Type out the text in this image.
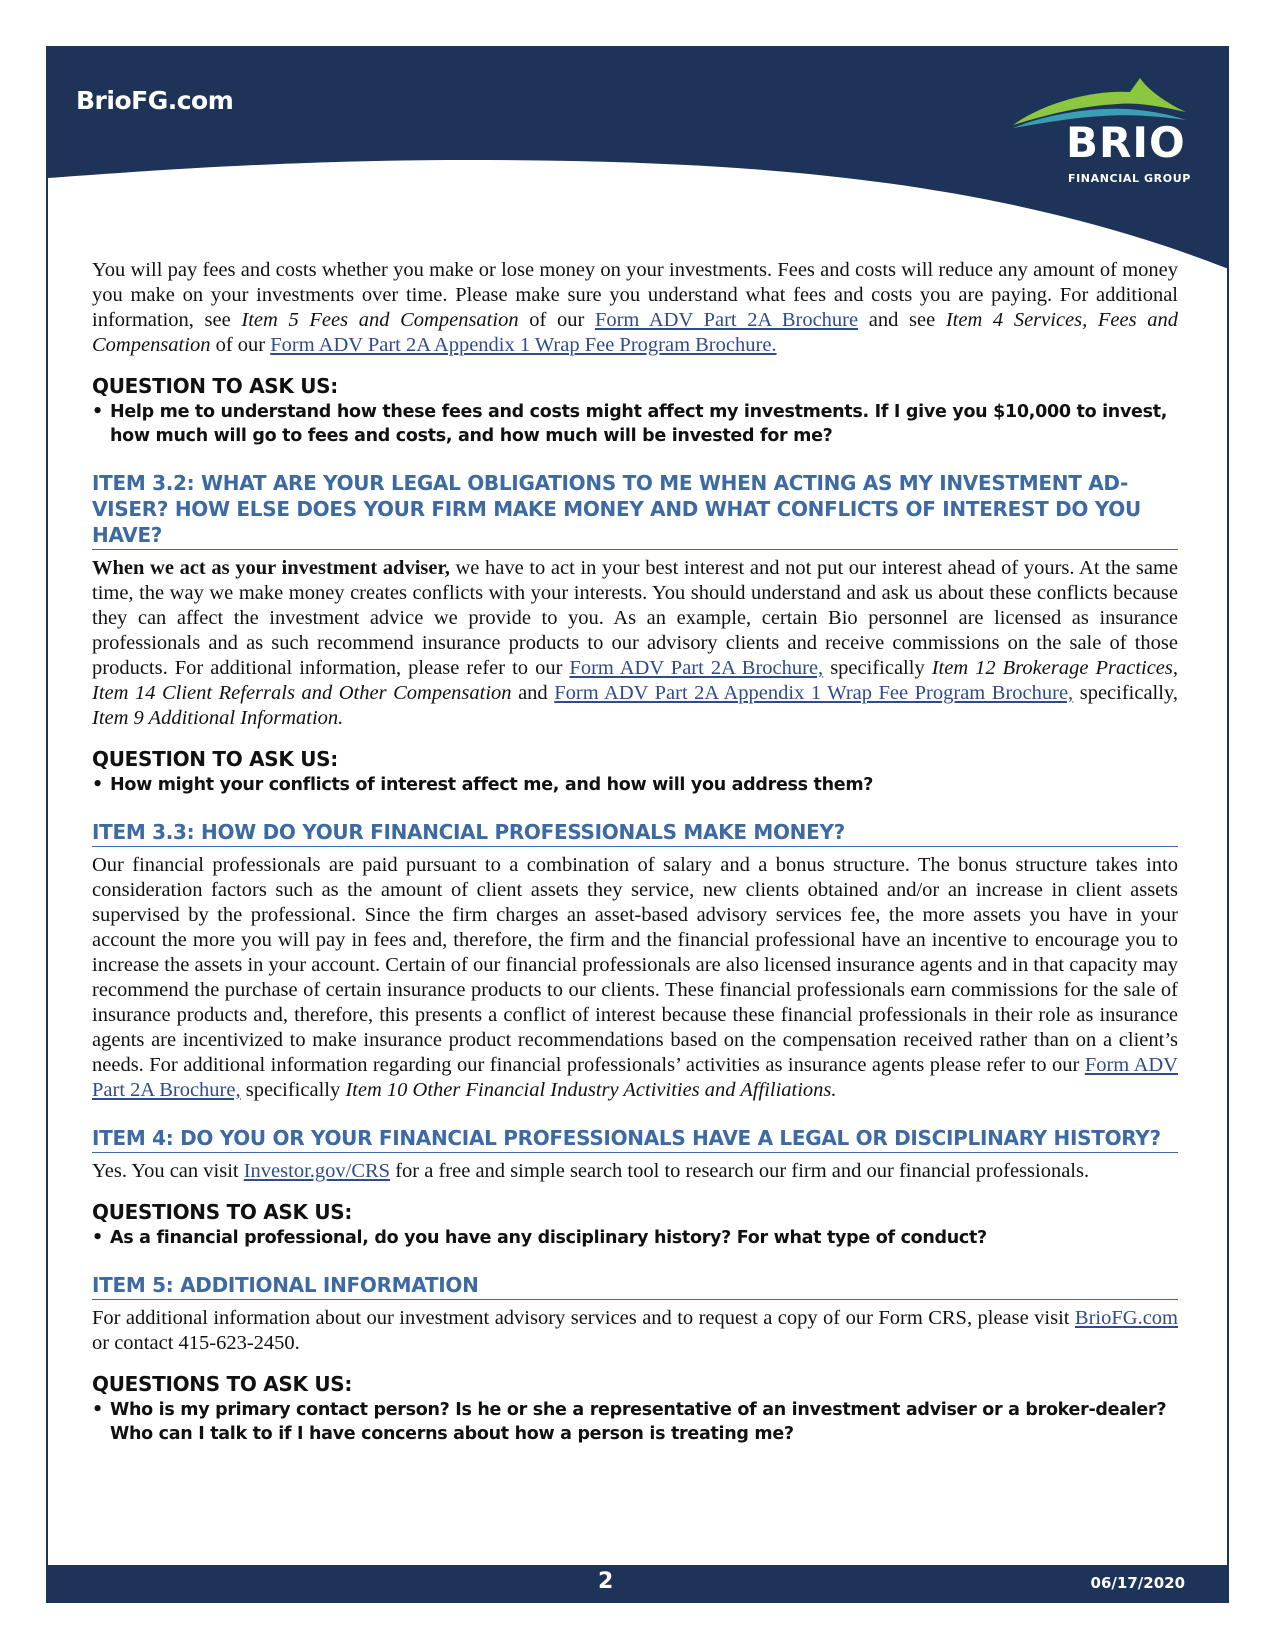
BrioFG.com
BRIO
FINANCIAL GROUP
2	06/17/2020

You will pay fees and costs whether you make or lose money on your investments. Fees and costs will reduce any amount of money you make on your investments over time. Please make sure you understand what fees and costs you are paying. For additional information, see Item 5 Fees and Compensation of our Form ADV Part 2A Brochure and see Item 4 Services, Fees and Compensation of our Form ADV Part 2A Appendix 1 Wrap Fee Program Brochure.

QUESTION TO ASK US:
• Help me to understand how these fees and costs might affect my investments. If I give you $10,000 to invest, how much will go to fees and costs, and how much will be invested for me?
ITEM 3.2: WHAT ARE YOUR LEGAL OBLIGATIONS TO ME WHEN ACTING AS MY INVESTMENT AD- VISER? HOW ELSE DOES YOUR FIRM MAKE MONEY AND WHAT CONFLICTS OF INTEREST DO YOU HAVE?

When we act as your investment adviser, we have to act in your best interest and not put our interest ahead of yours. At the same time, the way we make money creates conflicts with your interests. You should understand and ask us about these conflicts because they can affect the investment advice we provide to you. As an example, certain Bio personnel are licensed as insurance professionals and as such recommend insurance products to our advisory clients and receive commissions on the sale of those products. For additional information, please refer to our Form ADV Part 2A Brochure, specifically Item 12 Brokerage Practices, Item 14 Client Referrals and Other Compensation and Form ADV Part 2A Appendix 1 Wrap Fee Program Brochure, specifically, Item 9 Additional Information.

QUESTION TO ASK US:
• How might your conflicts of interest affect me, and how will you address them?
ITEM 3.3: HOW DO YOUR FINANCIAL PROFESSIONALS MAKE MONEY?

Our financial professionals are paid pursuant to a combination of salary and a bonus structure. The bonus structure takes into consideration factors such as the amount of client assets they service, new clients obtained and/or an increase in client assets supervised by the professional. Since the firm charges an asset-based advisory services fee, the more assets you have in your account the more you will pay in fees and, therefore, the firm and the financial professional have an incentive to encourage you to increase the assets in your account. Certain of our financial professionals are also licensed insurance agents and in that capacity may recommend the purchase of certain insurance products to our clients. These financial professionals earn commissions for the sale of insurance products and, therefore, this presents a conflict of interest because these financial professionals in their role as insurance agents are incentivized to make insurance product recommendations based on the compensation received rather than on a client’s needs. For additional information regarding our financial professionals’ activities as insurance agents please refer to our Form ADV Part 2A Brochure, specifically Item 10 Other Financial Industry Activities and Affiliations.

ITEM 4: DO YOU OR YOUR FINANCIAL PROFESSIONALS HAVE A LEGAL OR DISCIPLINARY HISTORY?

Yes. You can visit Investor.gov/CRS for a free and simple search tool to research our firm and our financial professionals.

QUESTIONS TO ASK US:
• As a financial professional, do you have any disciplinary history? For what type of conduct?
ITEM 5: ADDITIONAL INFORMATION

For additional information about our investment advisory services and to request a copy of our Form CRS, please visit BrioFG.com or contact 415-623-2450.

QUESTIONS TO ASK US:
• Who is my primary contact person? Is he or she a representative of an investment adviser or a broker-dealer?
Who can I talk to if I have concerns about how a person is treating me?
